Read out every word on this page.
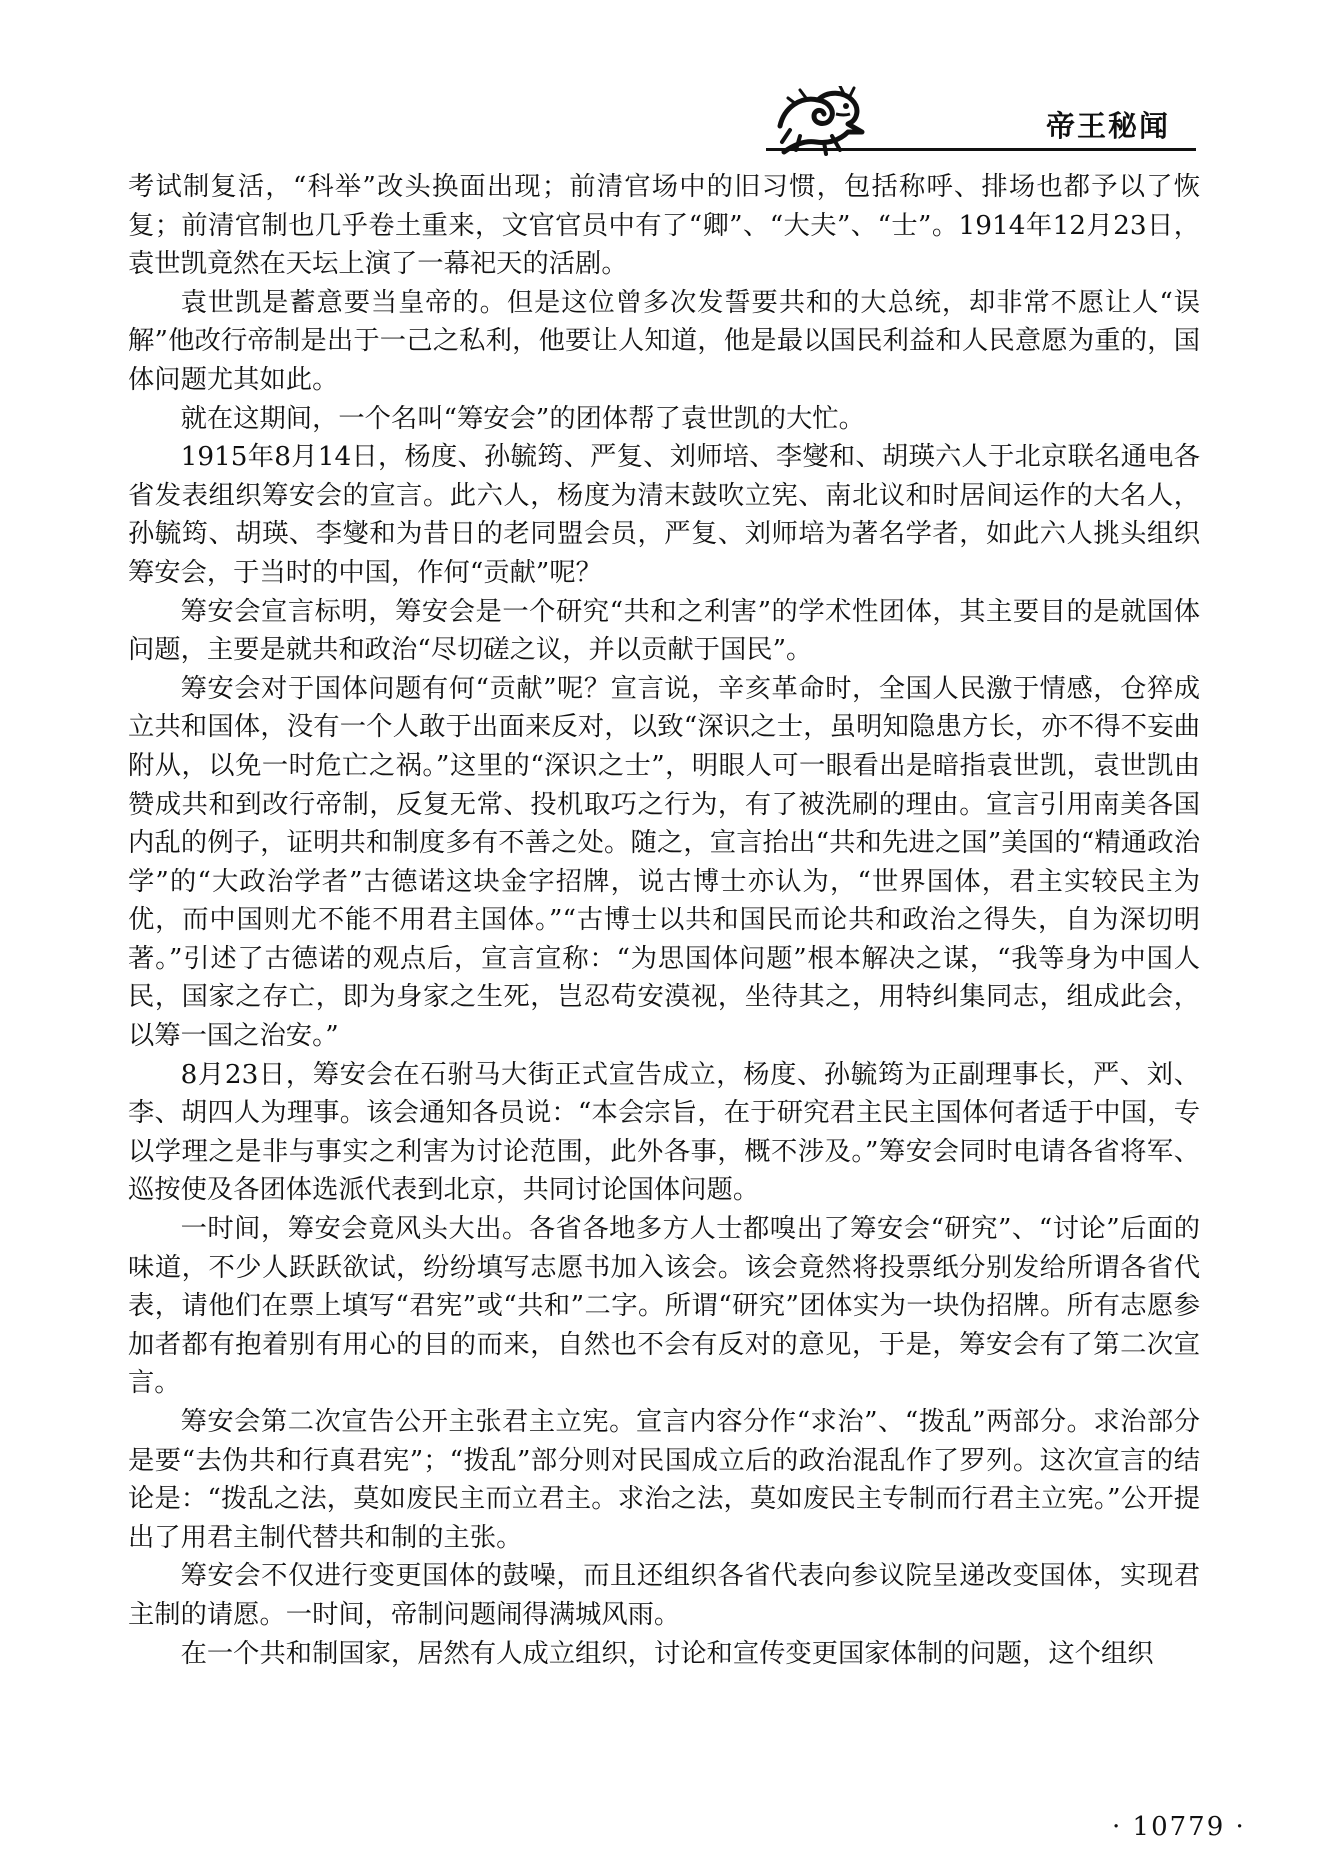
帝王秘闻

考试制复活，“科举”改头换面出现；前清官场中的旧习惯，包括称呼、排场也都予以了恢复；前清官制也几乎卷土重来，文官官员中有了“卿”、“大夫”、“士”。1914年12月23日，袁世凯竟然在天坛上演了一幕祀天的活剧。

袁世凯是蓄意要当皇帝的。但是这位曾多次发誓要共和的大总统，却非常不愿让人“误解”他改行帝制是出于一己之私利，他要让人知道，他是最以国民利益和人民意愿为重的，国体问题尤其如此。

就在这期间，一个名叫“筹安会”的团体帮了袁世凯的大忙。

1915年8月14日，杨度、孙毓筠、严复、刘师培、李燮和、胡瑛六人于北京联名通电各省发表组织筹安会的宣言。此六人，杨度为清末鼓吹立宪、南北议和时居间运作的大名人，孙毓筠、胡瑛、李燮和为昔日的老同盟会员，严复、刘师培为著名学者，如此六人挑头组织筹安会，于当时的中国，作何“贡献”呢？

筹安会宣言标明，筹安会是一个研究“共和之利害”的学术性团体，其主要目的是就国体问题，主要是就共和政治“尽切磋之议，并以贡献于国民”。

筹安会对于国体问题有何“贡献”呢？宣言说，辛亥革命时，全国人民激于情感，仓猝成立共和国体，没有一个人敢于出面来反对，以致“深识之士，虽明知隐患方长，亦不得不妄曲附从，以免一时危亡之祸。”这里的“深识之士”，明眼人可一眼看出是暗指袁世凯，袁世凯由赞成共和到改行帝制，反复无常、投机取巧之行为，有了被洗刷的理由。宣言引用南美各国内乱的例子，证明共和制度多有不善之处。随之，宣言抬出“共和先进之国”美国的“精通政治学”的“大政治学者”古德诺这块金字招牌，说古博士亦认为，“世界国体，君主实较民主为优，而中国则尤不能不用君主国体。”“古博士以共和国民而论共和政治之得失，自为深切明著。”引述了古德诺的观点后，宣言宣称：“为思国体问题”根本解决之谋，“我等身为中国人民，国家之存亡，即为身家之生死，岂忍苟安漠视，坐待其之，用特纠集同志，组成此会，以筹一国之治安。”

8月23日，筹安会在石驸马大街正式宣告成立，杨度、孙毓筠为正副理事长，严、刘、李、胡四人为理事。该会通知各员说：“本会宗旨，在于研究君主民主国体何者适于中国，专以学理之是非与事实之利害为讨论范围，此外各事，概不涉及。”筹安会同时电请各省将军、巡按使及各团体选派代表到北京，共同讨论国体问题。

一时间，筹安会竟风头大出。各省各地多方人士都嗅出了筹安会“研究”、“讨论”后面的味道，不少人跃跃欲试，纷纷填写志愿书加入该会。该会竟然将投票纸分别发给所谓各省代表，请他们在票上填写“君宪”或“共和”二字。所谓“研究”团体实为一块伪招牌。所有志愿参加者都有抱着别有用心的目的而来，自然也不会有反对的意见，于是，筹安会有了第二次宣言。

筹安会第二次宣告公开主张君主立宪。宣言内容分作“求治”、“拨乱”两部分。求治部分是要“去伪共和行真君宪”；“拨乱”部分则对民国成立后的政治混乱作了罗列。这次宣言的结论是：“拨乱之法，莫如废民主而立君主。求治之法，莫如废民主专制而行君主立宪。”公开提出了用君主制代替共和制的主张。

筹安会不仅进行变更国体的鼓噪，而且还组织各省代表向参议院呈递改变国体，实现君主制的请愿。一时间，帝制问题闹得满城风雨。

在一个共和制国家，居然有人成立组织，讨论和宣传变更国家体制的问题，这个组织

· 10779 ·
